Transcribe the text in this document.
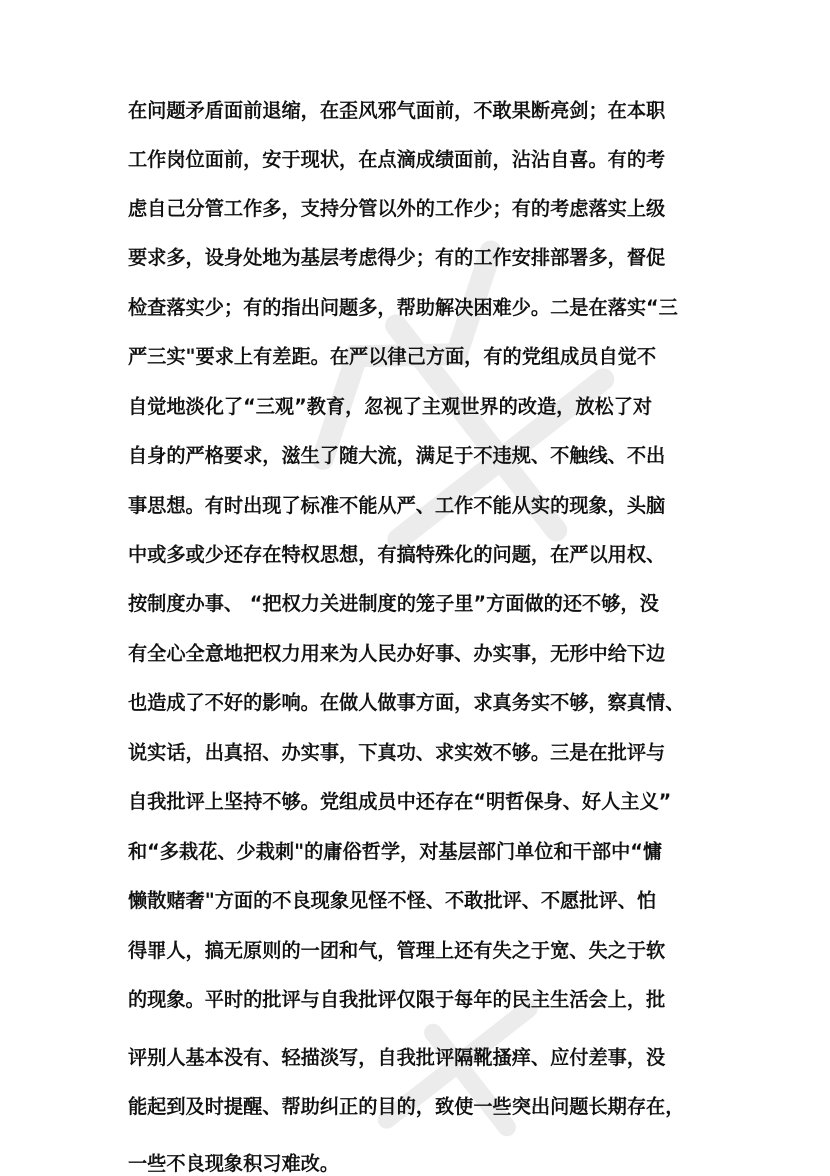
在问题矛盾面前退缩，在歪风邪气面前，不敢果断亮剑；在本职
工作岗位面前，安于现状，在点滴成绩面前，沾沾自喜。有的考
虑自己分管工作多，支持分管以外的工作少；有的考虑落实上级
要求多，设身处地为基层考虑得少；有的工作安排部署多，督促
检查落实少；有的指出问题多，帮助解决困难少。二是在落实“三
严三实"要求上有差距。在严以律己方面，有的党组成员自觉不
自觉地淡化了“三观”教育，忽视了主观世界的改造，放松了对
自身的严格要求，滋生了随大流，满足于不违规、不触线、不出
事思想。有时出现了标准不能从严、工作不能从实的现象，头脑
中或多或少还存在特权思想，有搞特殊化的问题，在严以用权、
按制度办事、 “把权力关进制度的笼子里”方面做的还不够，没
有全心全意地把权力用来为人民办好事、办实事，无形中给下边
也造成了不好的影响。在做人做事方面，求真务实不够，察真情、
说实话，出真招、办实事，下真功、求实效不够。三是在批评与
自我批评上坚持不够。党组成员中还存在“明哲保身、好人主义”
和“多栽花、少栽刺"的庸俗哲学，对基层部门单位和干部中“慵
懒散赌奢"方面的不良现象见怪不怪、不敢批评、不愿批评、怕
得罪人，搞无原则的一团和气，管理上还有失之于宽、失之于软
的现象。平时的批评与自我批评仅限于每年的民主生活会上，批
评别人基本没有、轻描淡写，自我批评隔靴搔痒、应付差事，没
能起到及时提醒、帮助纠正的目的，致使一些突出问题长期存在，
一些不良现象积习难改。
